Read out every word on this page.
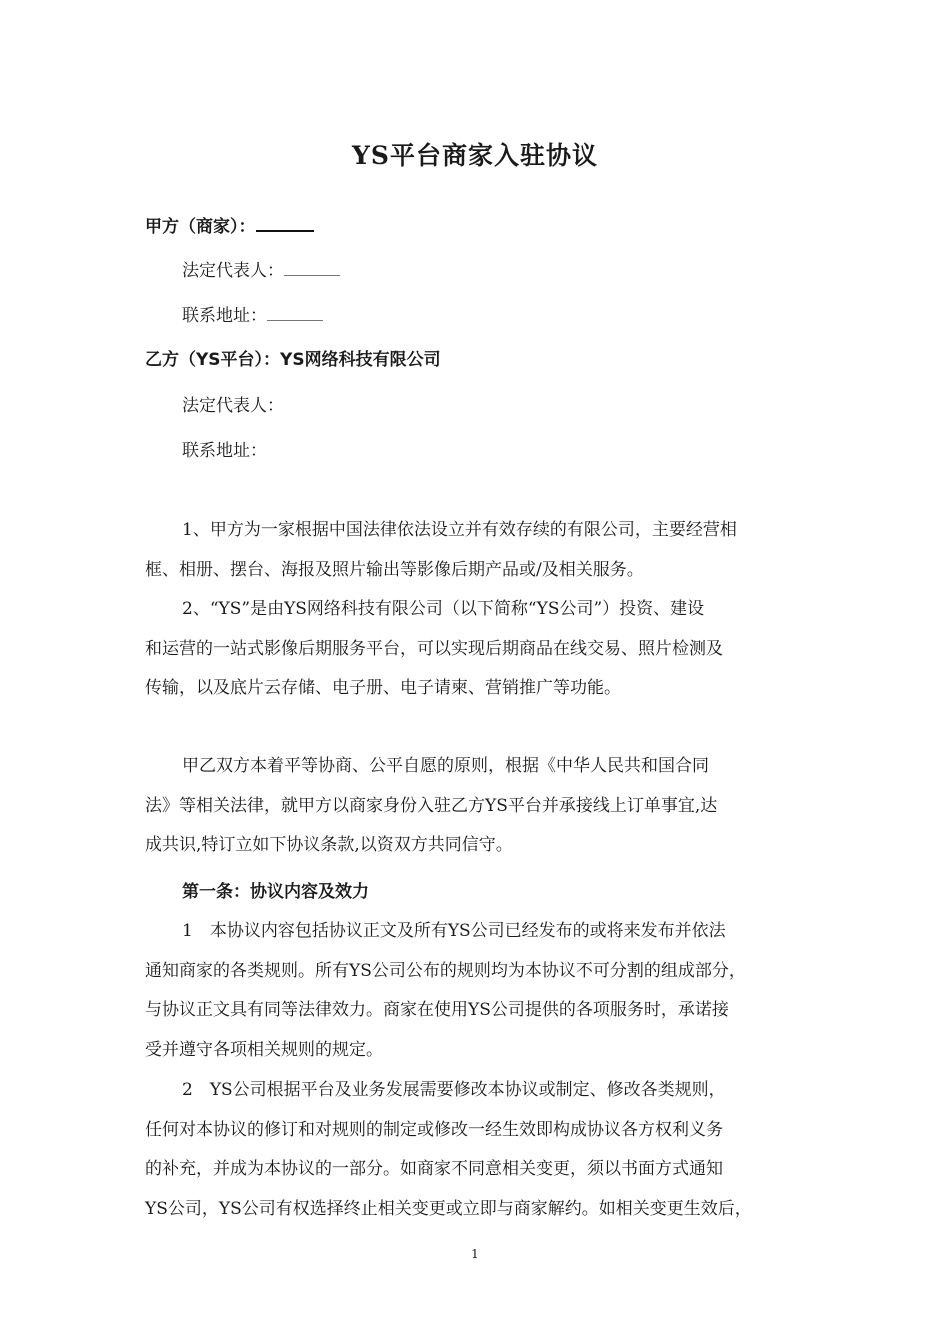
YS平台商家入驻协议
甲方（商家）：
法定代表人：
联系地址：
乙方（YS平台）：YS网络科技有限公司
法定代表人：
联系地址：
1、甲方为一家根据中国法律依法设立并有效存续的有限公司，主要经营相
框、相册、摆台、海报及照片输出等影像后期产品或/及相关服务。
2、“YS”是由YS网络科技有限公司（以下简称“YS公司”）投资、建设
和运营的一站式影像后期服务平台，可以实现后期商品在线交易、照片检测及
传输，以及底片云存储、电子册、电子请柬、营销推广等功能。
甲乙双方本着平等协商、公平自愿的原则，根据《中华人民共和国合同
法》等相关法律，就甲方以商家身份入驻乙方YS平台并承接线上订单事宜,达
成共识,特订立如下协议条款,以资双方共同信守。
第一条：协议内容及效力
1　本协议内容包括协议正文及所有YS公司已经发布的或将来发布并依法
通知商家的各类规则。所有YS公司公布的规则均为本协议不可分割的组成部分，
与协议正文具有同等法律效力。商家在使用YS公司提供的各项服务时，承诺接
受并遵守各项相关规则的规定。
2　YS公司根据平台及业务发展需要修改本协议或制定、修改各类规则，
任何对本协议的修订和对规则的制定或修改一经生效即构成协议各方权利义务
的补充，并成为本协议的一部分。如商家不同意相关变更，须以书面方式通知
YS公司，YS公司有权选择终止相关变更或立即与商家解约。如相关变更生效后，
1
